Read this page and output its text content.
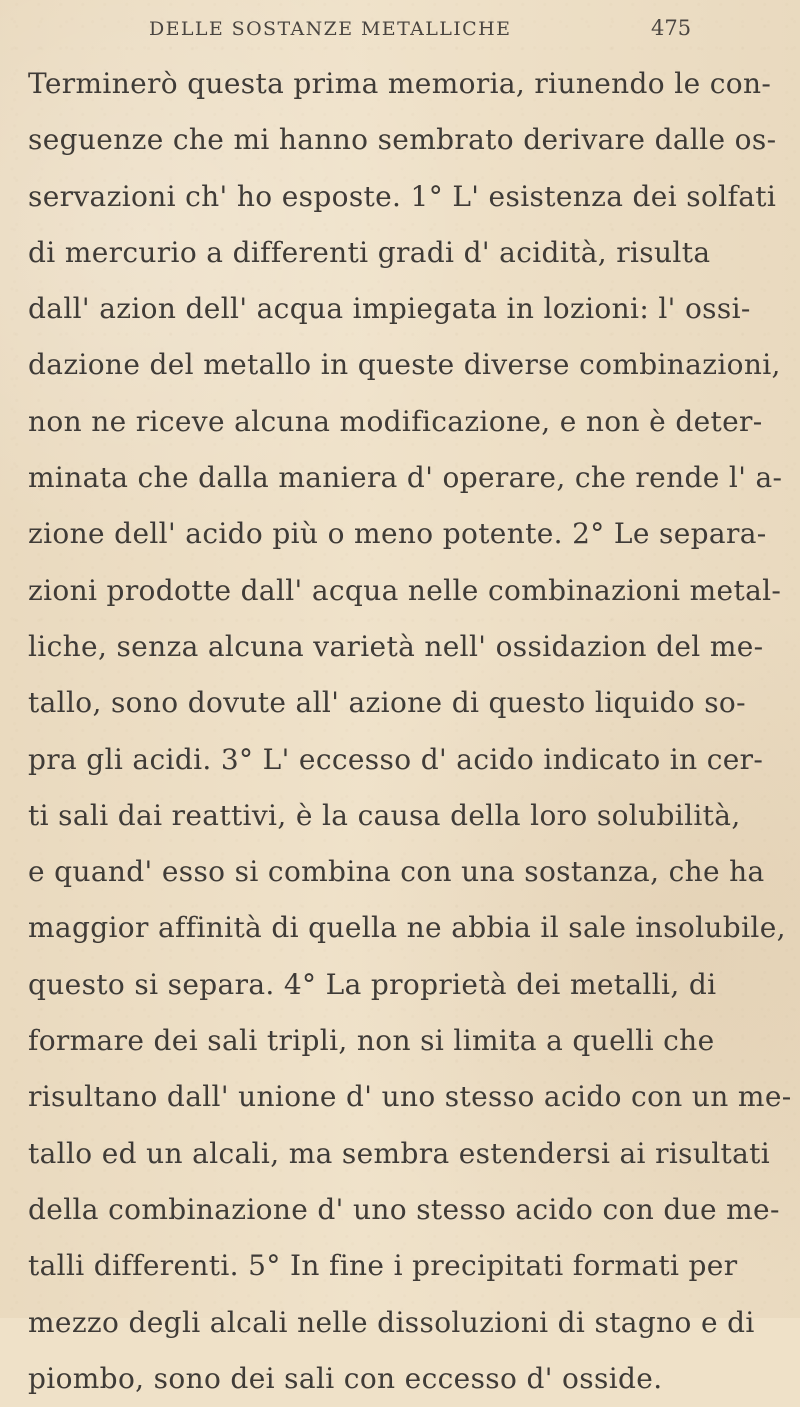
DELLE SOSTANZE METALLICHE	475
Terminerò questa prima memoria, riunendo le con-
seguenze che mi hanno sembrato derivare dalle os-
servazioni ch' ho esposte. 1° L' esistenza dei solfati
di mercurio a differenti gradi d' acidità, risulta
dall' azion dell' acqua impiegata in lozioni: l' ossi-
dazione del metallo in queste diverse combinazioni,
non ne riceve alcuna modificazione, e non è deter-
minata che dalla maniera d' operare, che rende l' a-
zione dell' acido più o meno potente. 2° Le separa-
zioni prodotte dall' acqua nelle combinazioni metal-
liche, senza alcuna varietà nell' ossidazion del me-
tallo, sono dovute all' azione di questo liquido so-
pra gli acidi. 3° L' eccesso d' acido indicato in cer-
ti sali dai reattivi, è la causa della loro solubilità,
e quand' esso si combina con una sostanza, che ha
maggior affinità di quella ne abbia il sale insolubile,
questo si separa. 4° La proprietà dei metalli, di
formare dei sali tripli, non si limita a quelli che
risultano dall' unione d' uno stesso acido con un me-
tallo ed un alcali, ma sembra estendersi ai risultati
della combinazione d' uno stesso acido con due me-
talli differenti. 5° In fine i precipitati formati per
mezzo degli alcali nelle dissoluzioni di stagno e di
piombo, sono dei sali con eccesso d' osside.
